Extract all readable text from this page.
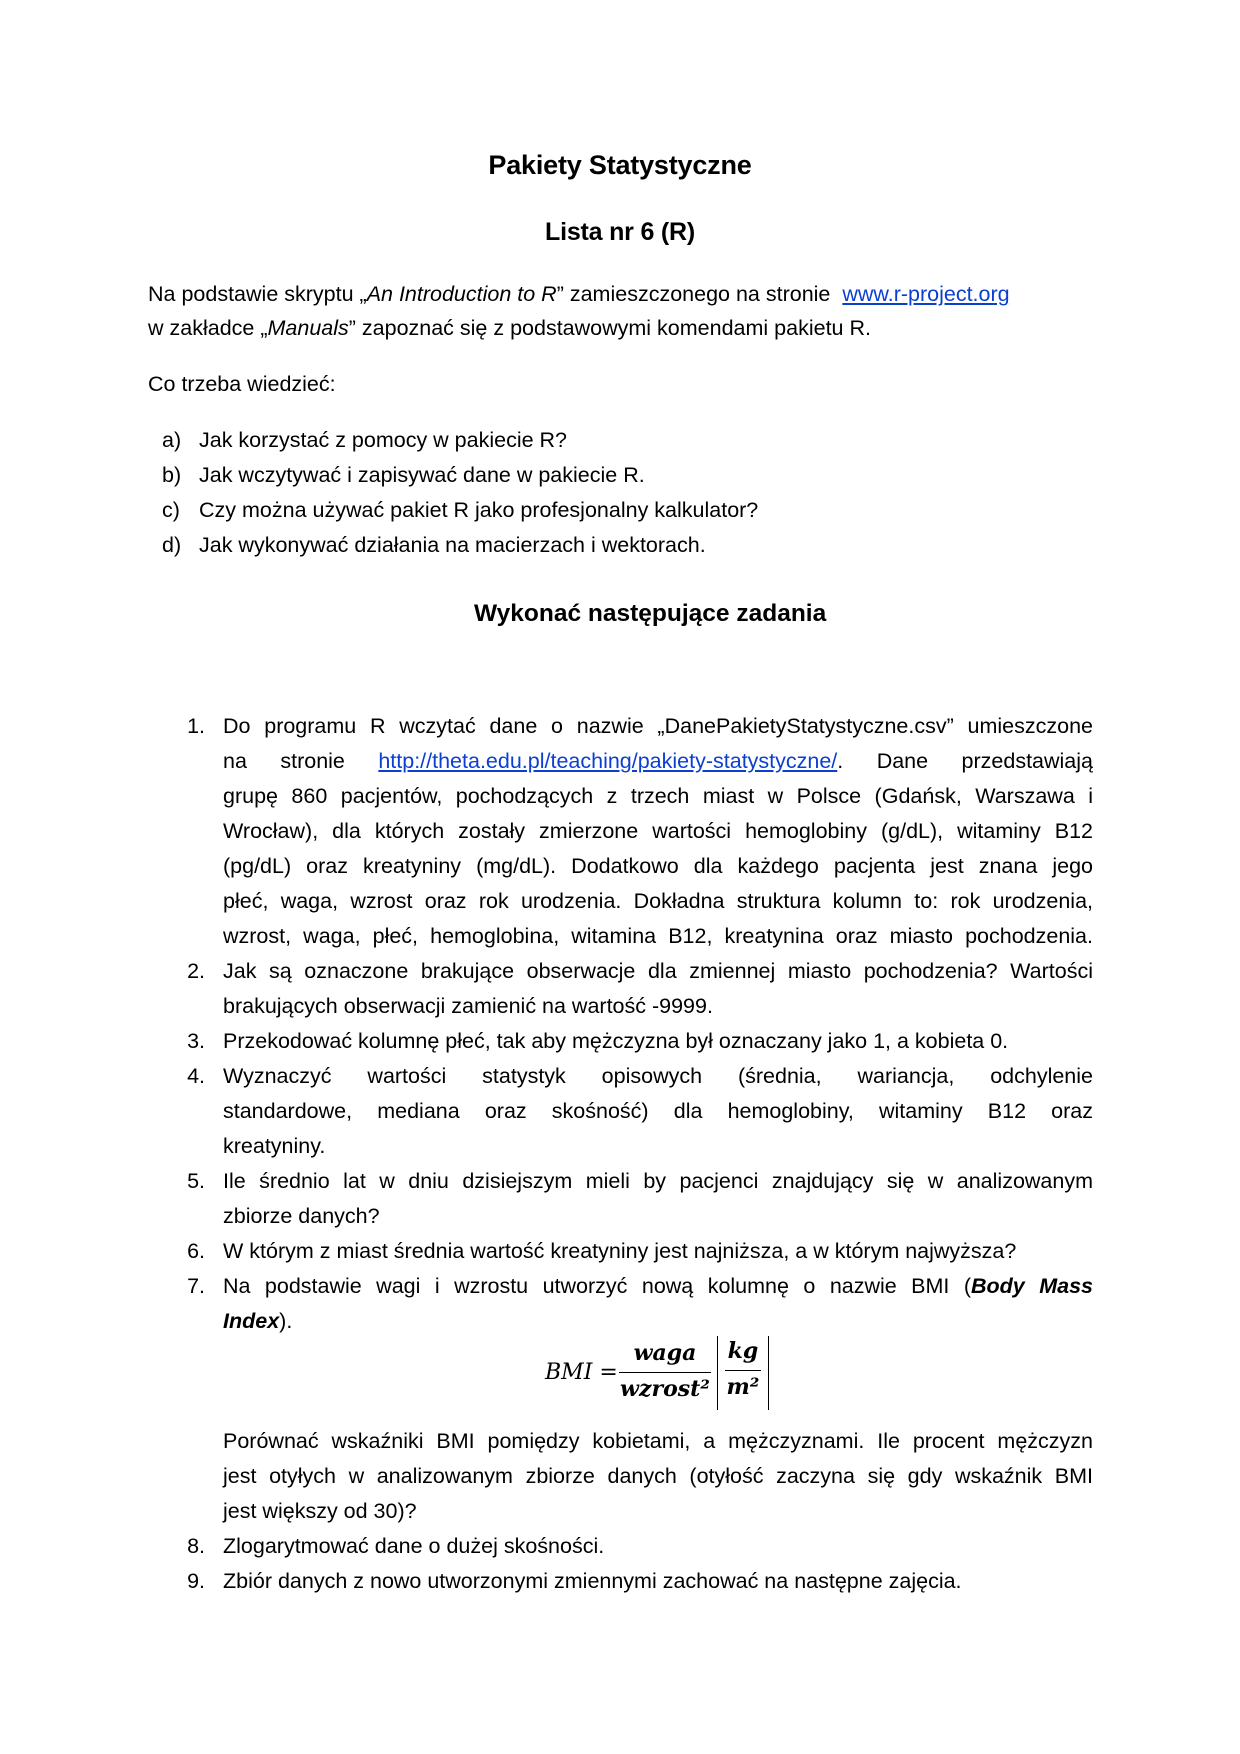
Pakiety Statystyczne
Lista nr 6 (R)
Na podstawie skryptu „An Introduction to R” zamieszczonego na stronie  www.r-project.org
w zakładce „Manuals” zapoznać się z podstawowymi komendami pakietu R.
Co trzeba wiedzieć:
a) Jak korzystać z pomocy w pakiecie R?
b) Jak wczytywać i zapisywać dane w pakiecie R.
c) Czy można używać pakiet R jako profesjonalny kalkulator?
d) Jak wykonywać działania na macierzach i wektorach.
Wykonać następujące zadania
1. Do programu R wczytać dane o nazwie „DanePakietyStatystyczne.csv” umieszczone
na stronie http://theta.edu.pl/teaching/pakiety-statystyczne/. Dane przedstawiają
grupę 860 pacjentów, pochodzących z trzech miast w Polsce (Gdańsk, Warszawa i
Wrocław), dla których zostały zmierzone wartości hemoglobiny (g/dL), witaminy B12
(pg/dL) oraz kreatyniny (mg/dL). Dodatkowo dla każdego pacjenta jest znana jego
płeć, waga, wzrost oraz rok urodzenia. Dokładna struktura kolumn to: rok urodzenia,
wzrost, waga, płeć, hemoglobina, witamina B12, kreatynina oraz miasto pochodzenia.
2. Jak są oznaczone brakujące obserwacje dla zmiennej miasto pochodzenia? Wartości
brakujących obserwacji zamienić na wartość -9999.
3. Przekodować kolumnę płeć, tak aby mężczyzna był oznaczany jako 1, a kobieta 0.
4. Wyznaczyć wartości statystyk opisowych (średnia, wariancja, odchylenie
standardowe, mediana oraz skośność) dla hemoglobiny, witaminy B12 oraz
kreatyniny.
5. Ile średnio lat w dniu dzisiejszym mieli by pacjenci znajdujący się w analizowanym
zbiorze danych?
6. W którym z miast średnia wartość kreatyniny jest najniższa, a w którym najwyższa?
7. Na podstawie wagi i wzrostu utworzyć nową kolumnę o nazwie BMI (Body Mass
Index).
BMI =
waga
wzrost²
kg
m²
Porównać wskaźniki BMI pomiędzy kobietami, a mężczyznami. Ile procent mężczyzn
jest otyłych w analizowanym zbiorze danych (otyłość zaczyna się gdy wskaźnik BMI
jest większy od 30)?
8. Zlogarytmować dane o dużej skośności.
9. Zbiór danych z nowo utworzonymi zmiennymi zachować na następne zajęcia.
